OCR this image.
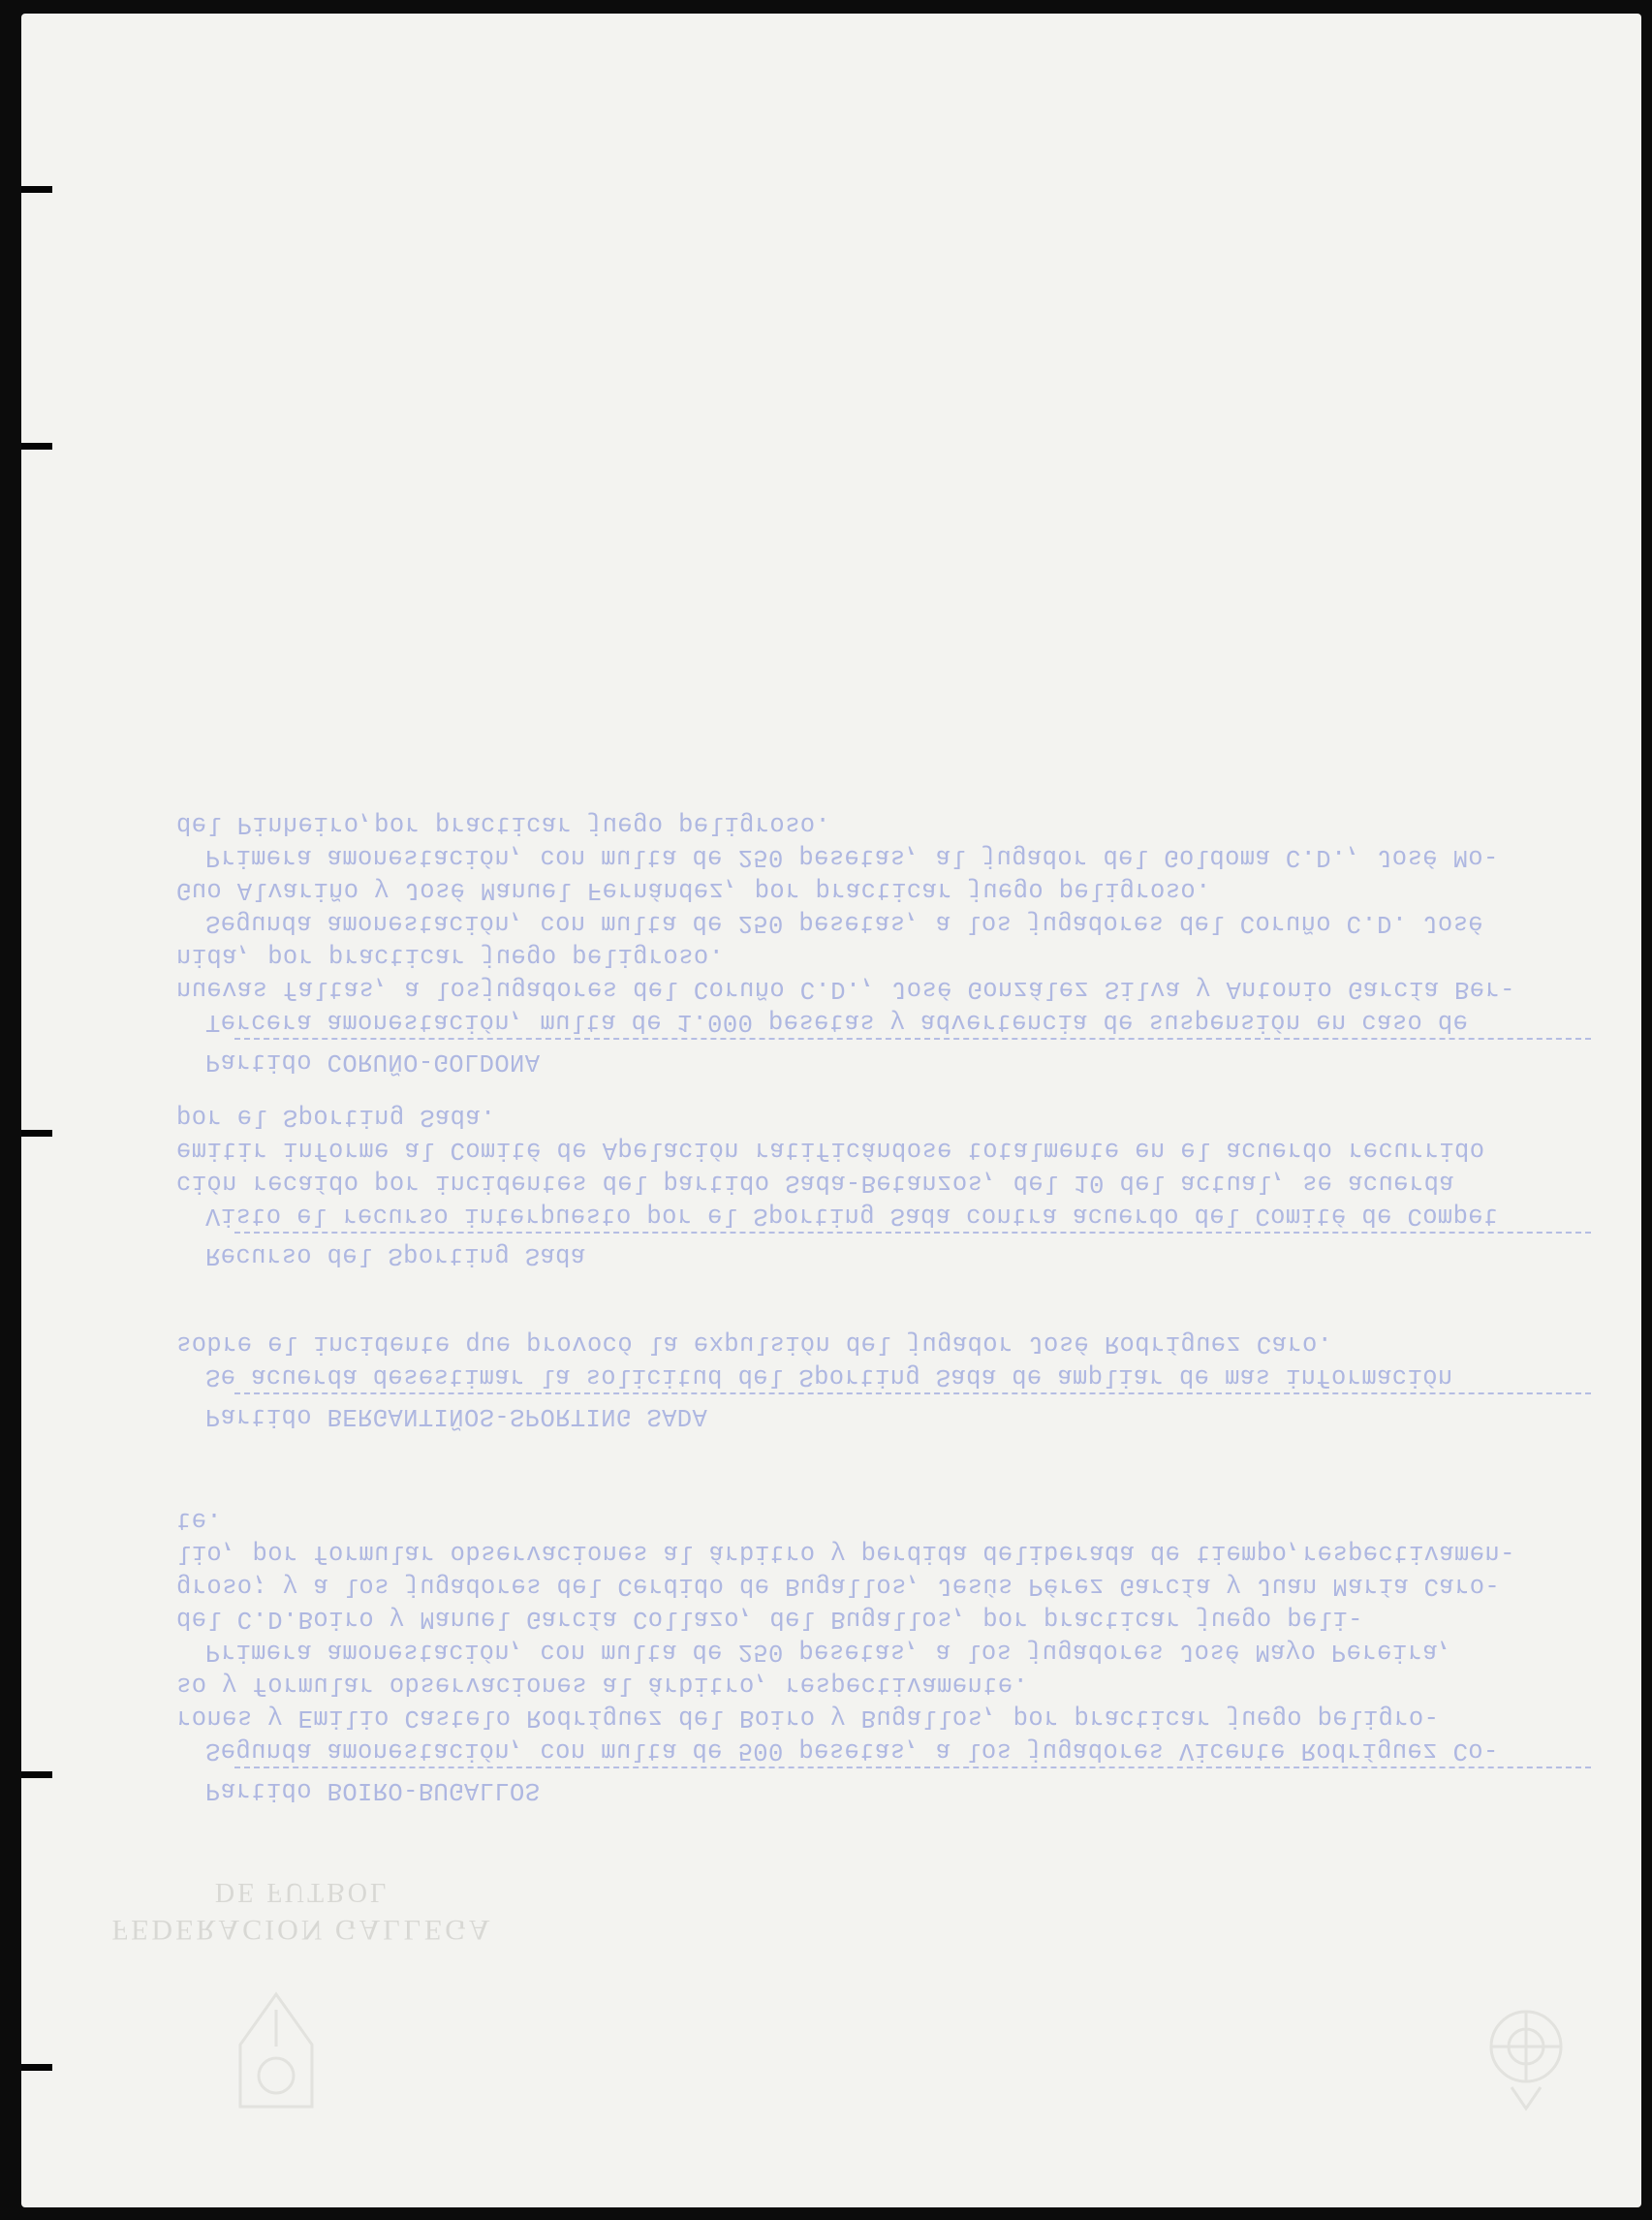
Partido BOIRO-BUGALLOS
Segunda amonestación, con multa de 500 pesetas, a los jugadores Vicente Rodríguez Co-
rones y Emilio Castelo Rodríguez del Boiro y Bugallos, por practicar juego peligro-
so y formular observaciones al árbitro, respectivamente.
Primera amonestación, con multa de 250 pesetas, a los jugadores José Mayo Pereira,
del C.D.Boiro y Manuel García Collazo, del Bugallos, por practicar juego peli-
groso; y a los jugadores del Cerdido de Bugallos, Jesús Pérez García y Juan María Caro-
lio, por formular observaciones al árbitro y perdida deliberada de tiempo,respectivamen-
te.
Partido BERGANTIÑOS-SPORTING SADA
Se acuerda desestimar la solicitud del Sporting Sada de ampliar de mas información
sobre el incidente que provocó la expulsión del jugador José Rodríguez Caro.
Recurso del Sporting Sada
Visto el recurso interpuesto por el Sporting Sada contra acuerdo del Comité de Compet
ción recaído por incidentes del partido Sada-Betanzos, del 10 del actual, se acuerda
emitir informe al Comité de Apelación ratificándose totalmente en el acuerdo recurrido
por el Sporting Sada.
Partido CORUÑO-GOLDONA
Tercera amonestación, multa de 1.000 pesetas y advertencia de suspensión en caso de
nuevas faltas, a losjugadores del Coruño C.D., José González Silva y Antonio García Ber-
nida, por practicar juego peligroso.
Segunda amonestación, con multa de 250 pesetas, a los jugadores del Coruño C.D. José
Guo Alvariño y José Manuel Fernández, por practicar juego peligroso.
Primera amonestación, con multa de 250 pesetas, al jugador del Goldoma C.D., José Mo-
del Pinheiro,por practicar juego peligroso.
FEDERACION GALLEGA
DE FUTBOL
